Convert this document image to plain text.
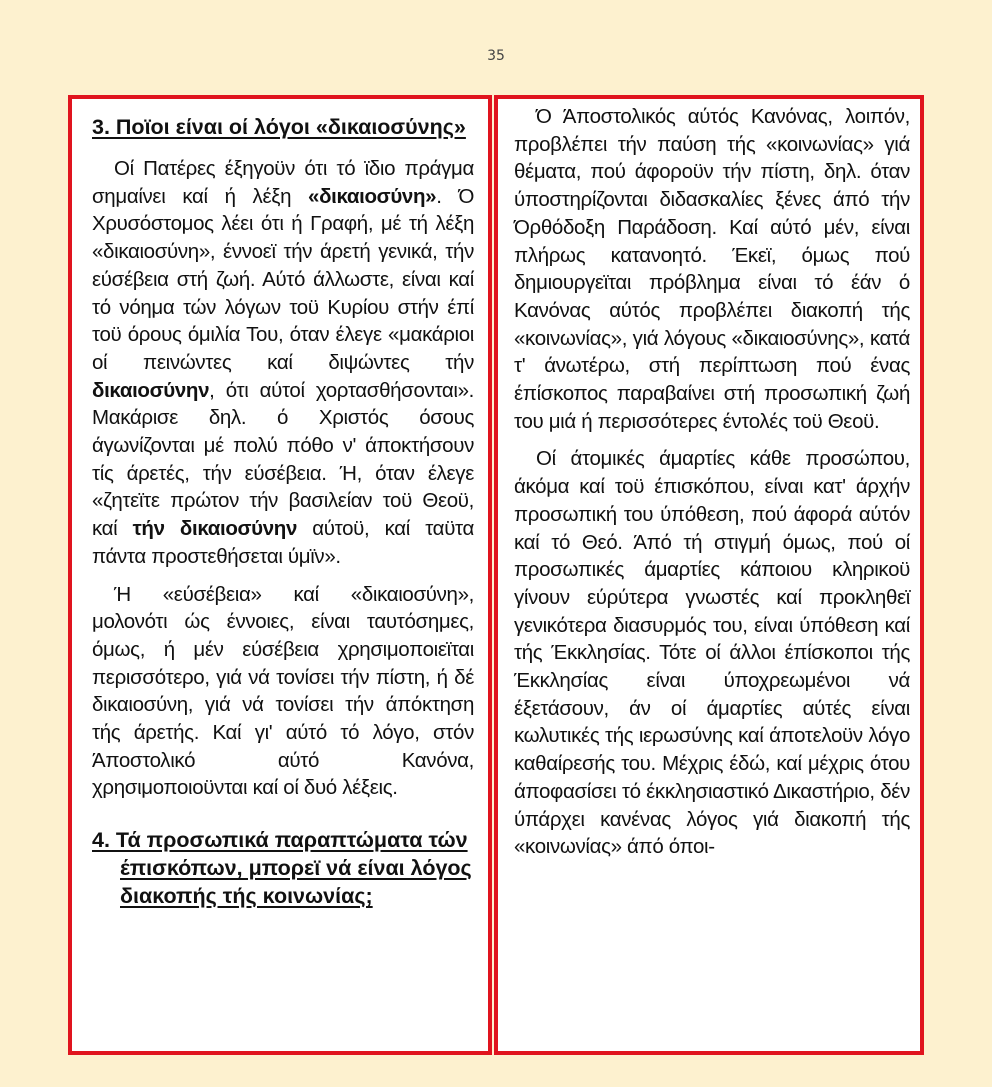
35

3. Ποϊοι είναι οί λόγοι «δικαιοσύνης»

Οί Πατέρες έξηγοϋν ότι τό ϊδιο πράγμα σημαίνει καί ή λέξη «δικαιοσύνη». Ό Χρυσόστομος λέει ότι ή Γραφή, μέ τή λέξη «δικαιοσύνη», έννοεϊ τήν άρετή γενικά, τήν εύσέβεια στή ζωή. Αύτό άλλωστε, είναι καί τό νόημα τών λόγων τοϋ Κυρίου στήν έπί τοϋ όρους όμιλία Του, όταν έλεγε «μακάριοι οί πεινώντες καί διψώντες τήν δικαιοσύνην, ότι αύτοί χορτασθήσονται». Μακάρισε δηλ. ό Χριστός όσους άγωνίζονται μέ πολύ πόθο ν' άποκτήσουν τίς άρετές, τήν εύσέβεια. Ή, όταν έλεγε «ζητεϊτε πρώτον τήν βασιλείαν τοϋ Θεοϋ, καί τήν δικαιοσύνην αύτοϋ, καί ταϋτα πάντα προστεθήσεται ύμϊν».

Ή «εύσέβεια» καί «δικαιοσύνη», μολονότι ώς έννοιες, είναι ταυτόσημες, όμως, ή μέν εύσέβεια χρησιμοποιεϊται περισσότερο, γιά νά τονίσει τήν πίστη, ή δέ δικαιοσύνη, γιά νά τονίσει τήν άπόκτηση τής άρετής. Καί γι' αύτό τό λόγο, στόν Άποστολικό αύτό Κανόνα, χρησιμοποιοϋνται καί οί δυό λέξεις.

4. Τά προσωπικά παραπτώματα τών έπισκόπων, μπορεϊ νά είναι λόγος διακοπής τής κοινωνίας;

Ό Άποστολικός αύτός Κανόνας, λοιπόν, προβλέπει τήν παύση τής «κοινωνίας» γιά θέματα, πού άφοροϋν τήν πίστη, δηλ. όταν ύποστηρίζονται διδασκαλίες ξένες άπό τήν Όρθόδοξη Παράδοση. Καί αύτό μέν, είναι πλήρως κατανοητό. Έκεϊ, όμως πού δημιουργεϊται πρόβλημα είναι τό έάν ό Κανόνας αύτός προβλέπει διακοπή τής «κοινωνίας», γιά λόγους «δικαιοσύνης», κατά τ' άνωτέρω, στή περίπτωση πού ένας έπίσκοπος παραβαίνει στή προσωπική ζωή του μιά ή περισσότερες έντολές τοϋ Θεοϋ.

Οί άτομικές άμαρτίες κάθε προσώπου, άκόμα καί τοϋ έπισκόπου, είναι κατ' άρχήν προσωπική του ύπόθεση, πού άφορά αύτόν καί τό Θεό. Άπό τή στιγμή όμως, πού οί προσωπικές άμαρτίες κάποιου κληρικοϋ γίνουν εύρύτερα γνωστές καί προκληθεϊ γενικότερα διασυρμός του, είναι ύπόθεση καί τής Έκκλησίας. Τότε οί άλλοι έπίσκοποι τής Έκκλησίας είναι ύποχρεωμένοι νά έξετάσουν, άν οί άμαρτίες αύτές είναι κωλυτικές τής ιερωσύνης καί άποτελοϋν λόγο καθαίρεσής του. Μέχρις έδώ, καί μέχρις ότου άποφασίσει τό έκκλησιαστικό Δικαστήριο, δέν ύπάρχει κανένας λόγος γιά διακοπή τής «κοινωνίας» άπό όποι-
